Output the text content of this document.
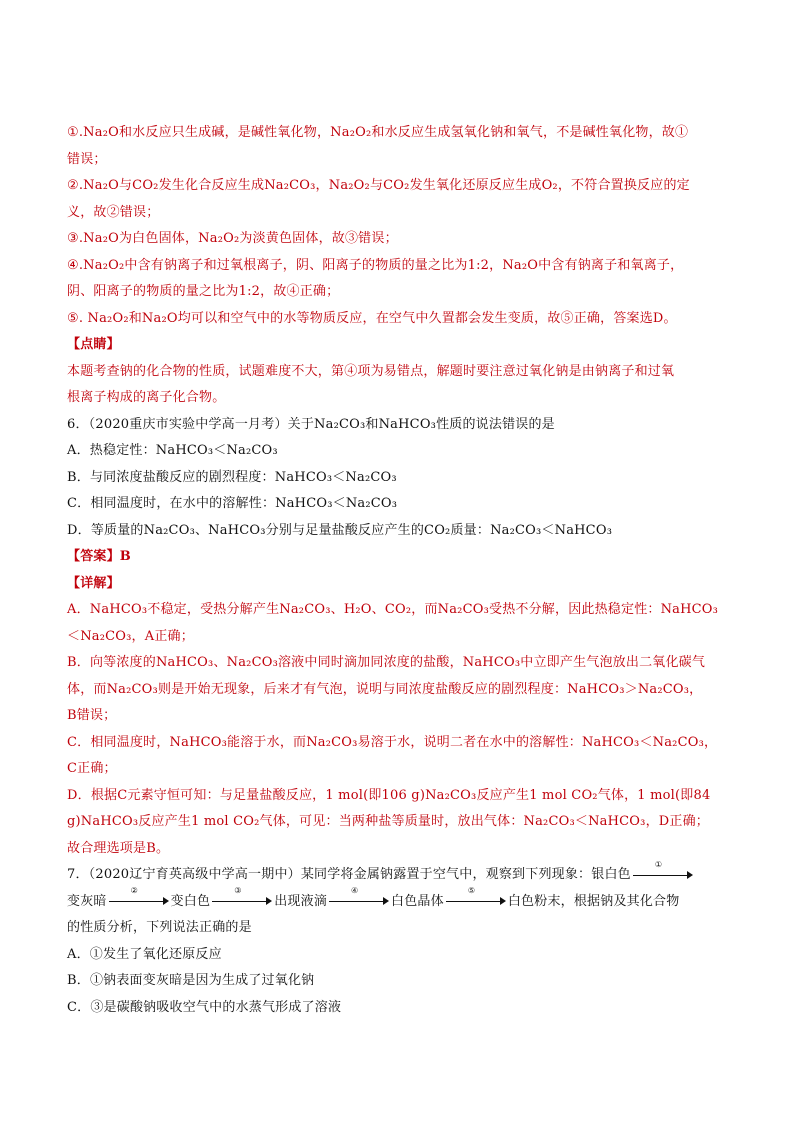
①.Na₂O和水反应只生成碱，是碱性氧化物，Na₂O₂和水反应生成氢氧化钠和氧气，不是碱性氧化物，故①

错误；

②.Na₂O与CO₂发生化合反应生成Na₂CO₃，Na₂O₂与CO₂发生氧化还原反应生成O₂，不符合置换反应的定

义，故②错误；

③.Na₂O为白色固体，Na₂O₂为淡黄色固体，故③错误；

④.Na₂O₂中含有钠离子和过氧根离子，阴、阳离子的物质的量之比为1:2，Na₂O中含有钠离子和氧离子，

阴、阳离子的物质的量之比为1:2，故④正确；

⑤. Na₂O₂和Na₂O均可以和空气中的水等物质反应，在空气中久置都会发生变质，故⑤正确，答案选D。

【点睛】

本题考查钠的化合物的性质，试题难度不大，第④项为易错点，解题时要注意过氧化钠是由钠离子和过氧

根离子构成的离子化合物。

6．（2020重庆市实验中学高一月考）关于Na₂CO₃和NaHCO₃性质的说法错误的是

A．热稳定性：NaHCO₃＜Na₂CO₃

B．与同浓度盐酸反应的剧烈程度：NaHCO₃＜Na₂CO₃

C．相同温度时，在水中的溶解性：NaHCO₃＜Na₂CO₃

D．等质量的Na₂CO₃、NaHCO₃分别与足量盐酸反应产生的CO₂质量：Na₂CO₃＜NaHCO₃

【答案】B

【详解】

A．NaHCO₃不稳定，受热分解产生Na₂CO₃、H₂O、CO₂，而Na₂CO₃受热不分解，因此热稳定性：NaHCO₃

＜Na₂CO₃，A正确；

B．向等浓度的NaHCO₃、Na₂CO₃溶液中同时滴加同浓度的盐酸，NaHCO₃中立即产生气泡放出二氧化碳气

体，而Na₂CO₃则是开始无现象，后来才有气泡，说明与同浓度盐酸反应的剧烈程度：NaHCO₃＞Na₂CO₃，

B错误；

C．相同温度时，NaHCO₃能溶于水，而Na₂CO₃易溶于水，说明二者在水中的溶解性：NaHCO₃＜Na₂CO₃，

C正确；

D．根据C元素守恒可知：与足量盐酸反应，1 mol(即106 g)Na₂CO₃反应产生1 mol CO₂气体，1 mol(即84

g)NaHCO₃反应产生1 mol CO₂气体，可见：当两种盐等质量时，放出气体：Na₂CO₃＜NaHCO₃，D正确；

故合理选项是B。

7．（2020辽宁育英高级中学高一期中）某同学将金属钠露置于空气中，观察到下列现象：银白色
①

变灰暗
②
变白色
③
出现液滴
④
白色晶体
⑤
白色粉末，根据钠及其化合物

的性质分析，下列说法正确的是

A．①发生了氧化还原反应

B．①钠表面变灰暗是因为生成了过氧化钠

C．③是碳酸钠吸收空气中的水蒸气形成了溶液
